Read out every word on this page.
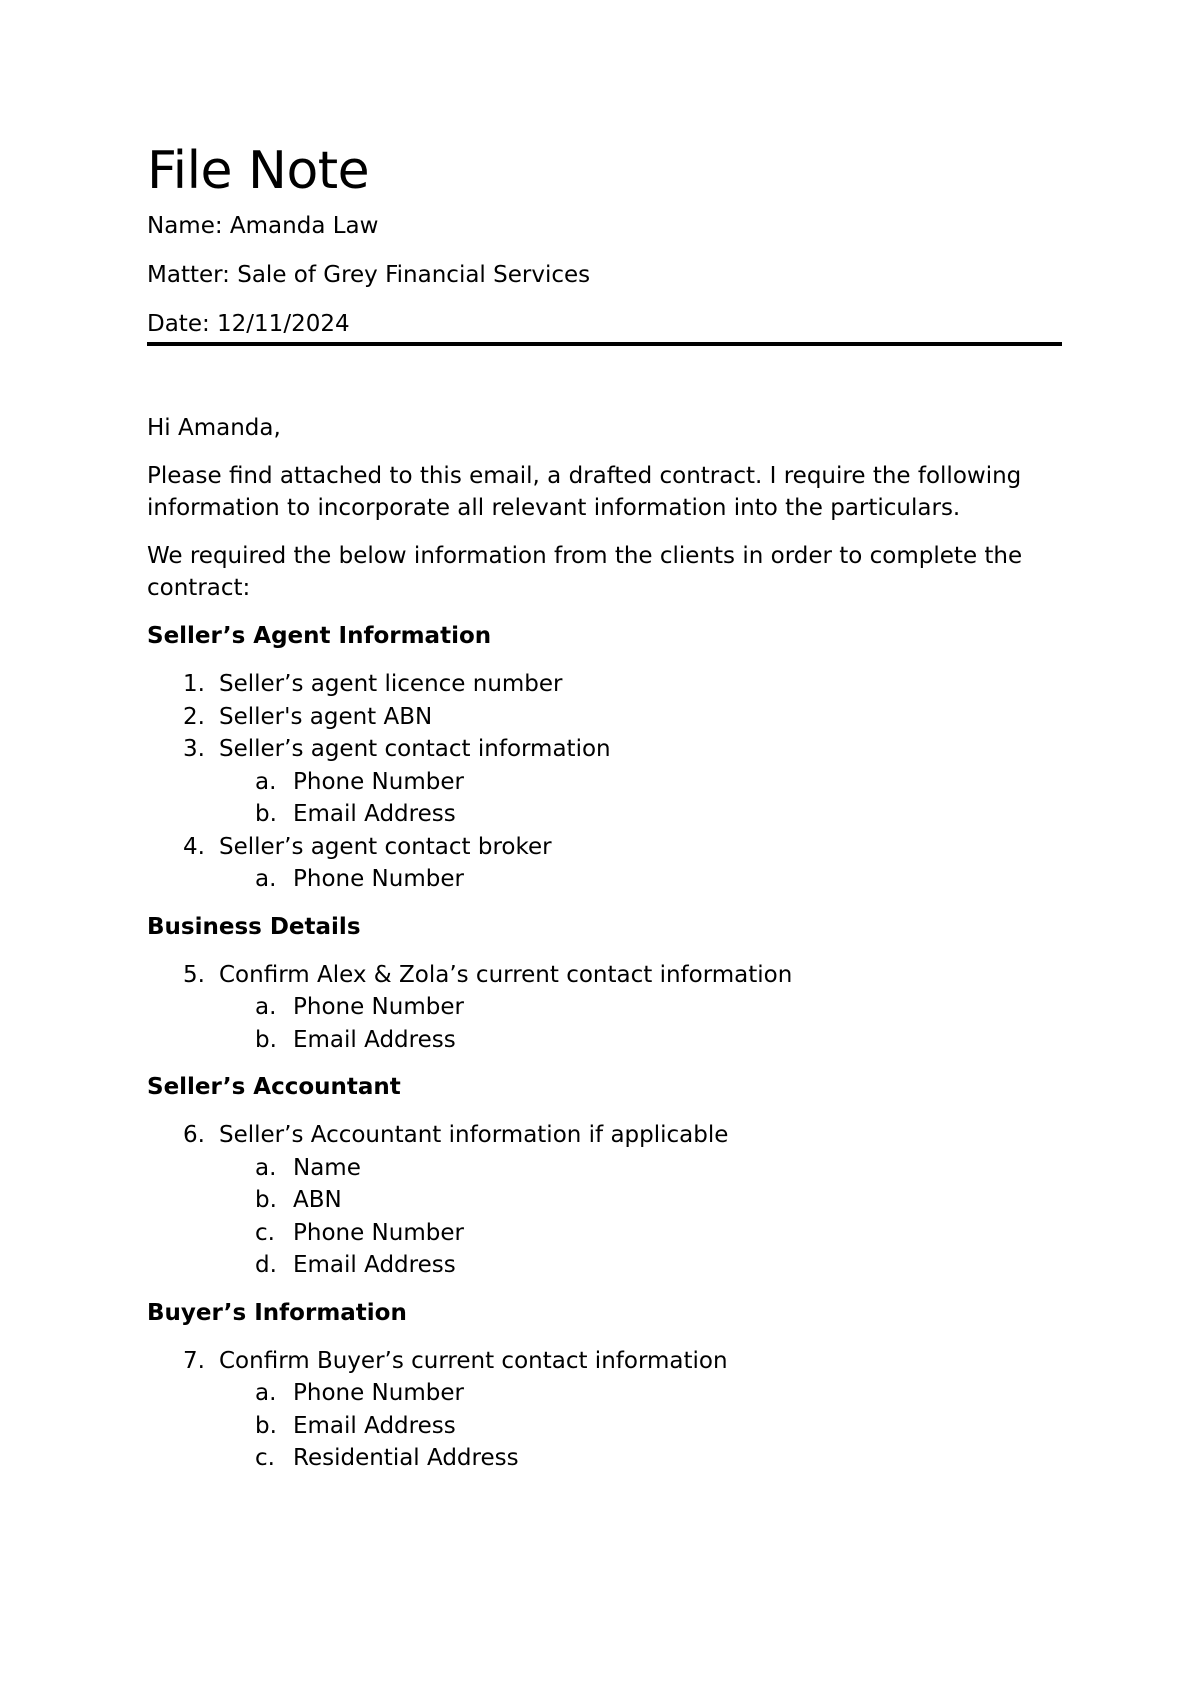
File Note
Name: Amanda Law
Matter: Sale of Grey Financial Services
Date: 12/11/2024

Hi Amanda,

Please find attached to this email, a drafted contract. I require the following information to incorporate all relevant information into the particulars.

We required the below information from the clients in order to complete the contract:

Seller’s Agent Information
1. Seller’s agent licence number
2. Seller's agent ABN
3. Seller’s agent contact information
a. Phone Number
b. Email Address
4. Seller’s agent contact broker
a. Phone Number
Business Details
5. Confirm Alex & Zola’s current contact information
a. Phone Number
b. Email Address
Seller’s Accountant
6. Seller’s Accountant information if applicable
a. Name
b. ABN
c. Phone Number
d. Email Address
Buyer’s Information
7. Confirm Buyer’s current contact information
a. Phone Number
b. Email Address
c. Residential Address
